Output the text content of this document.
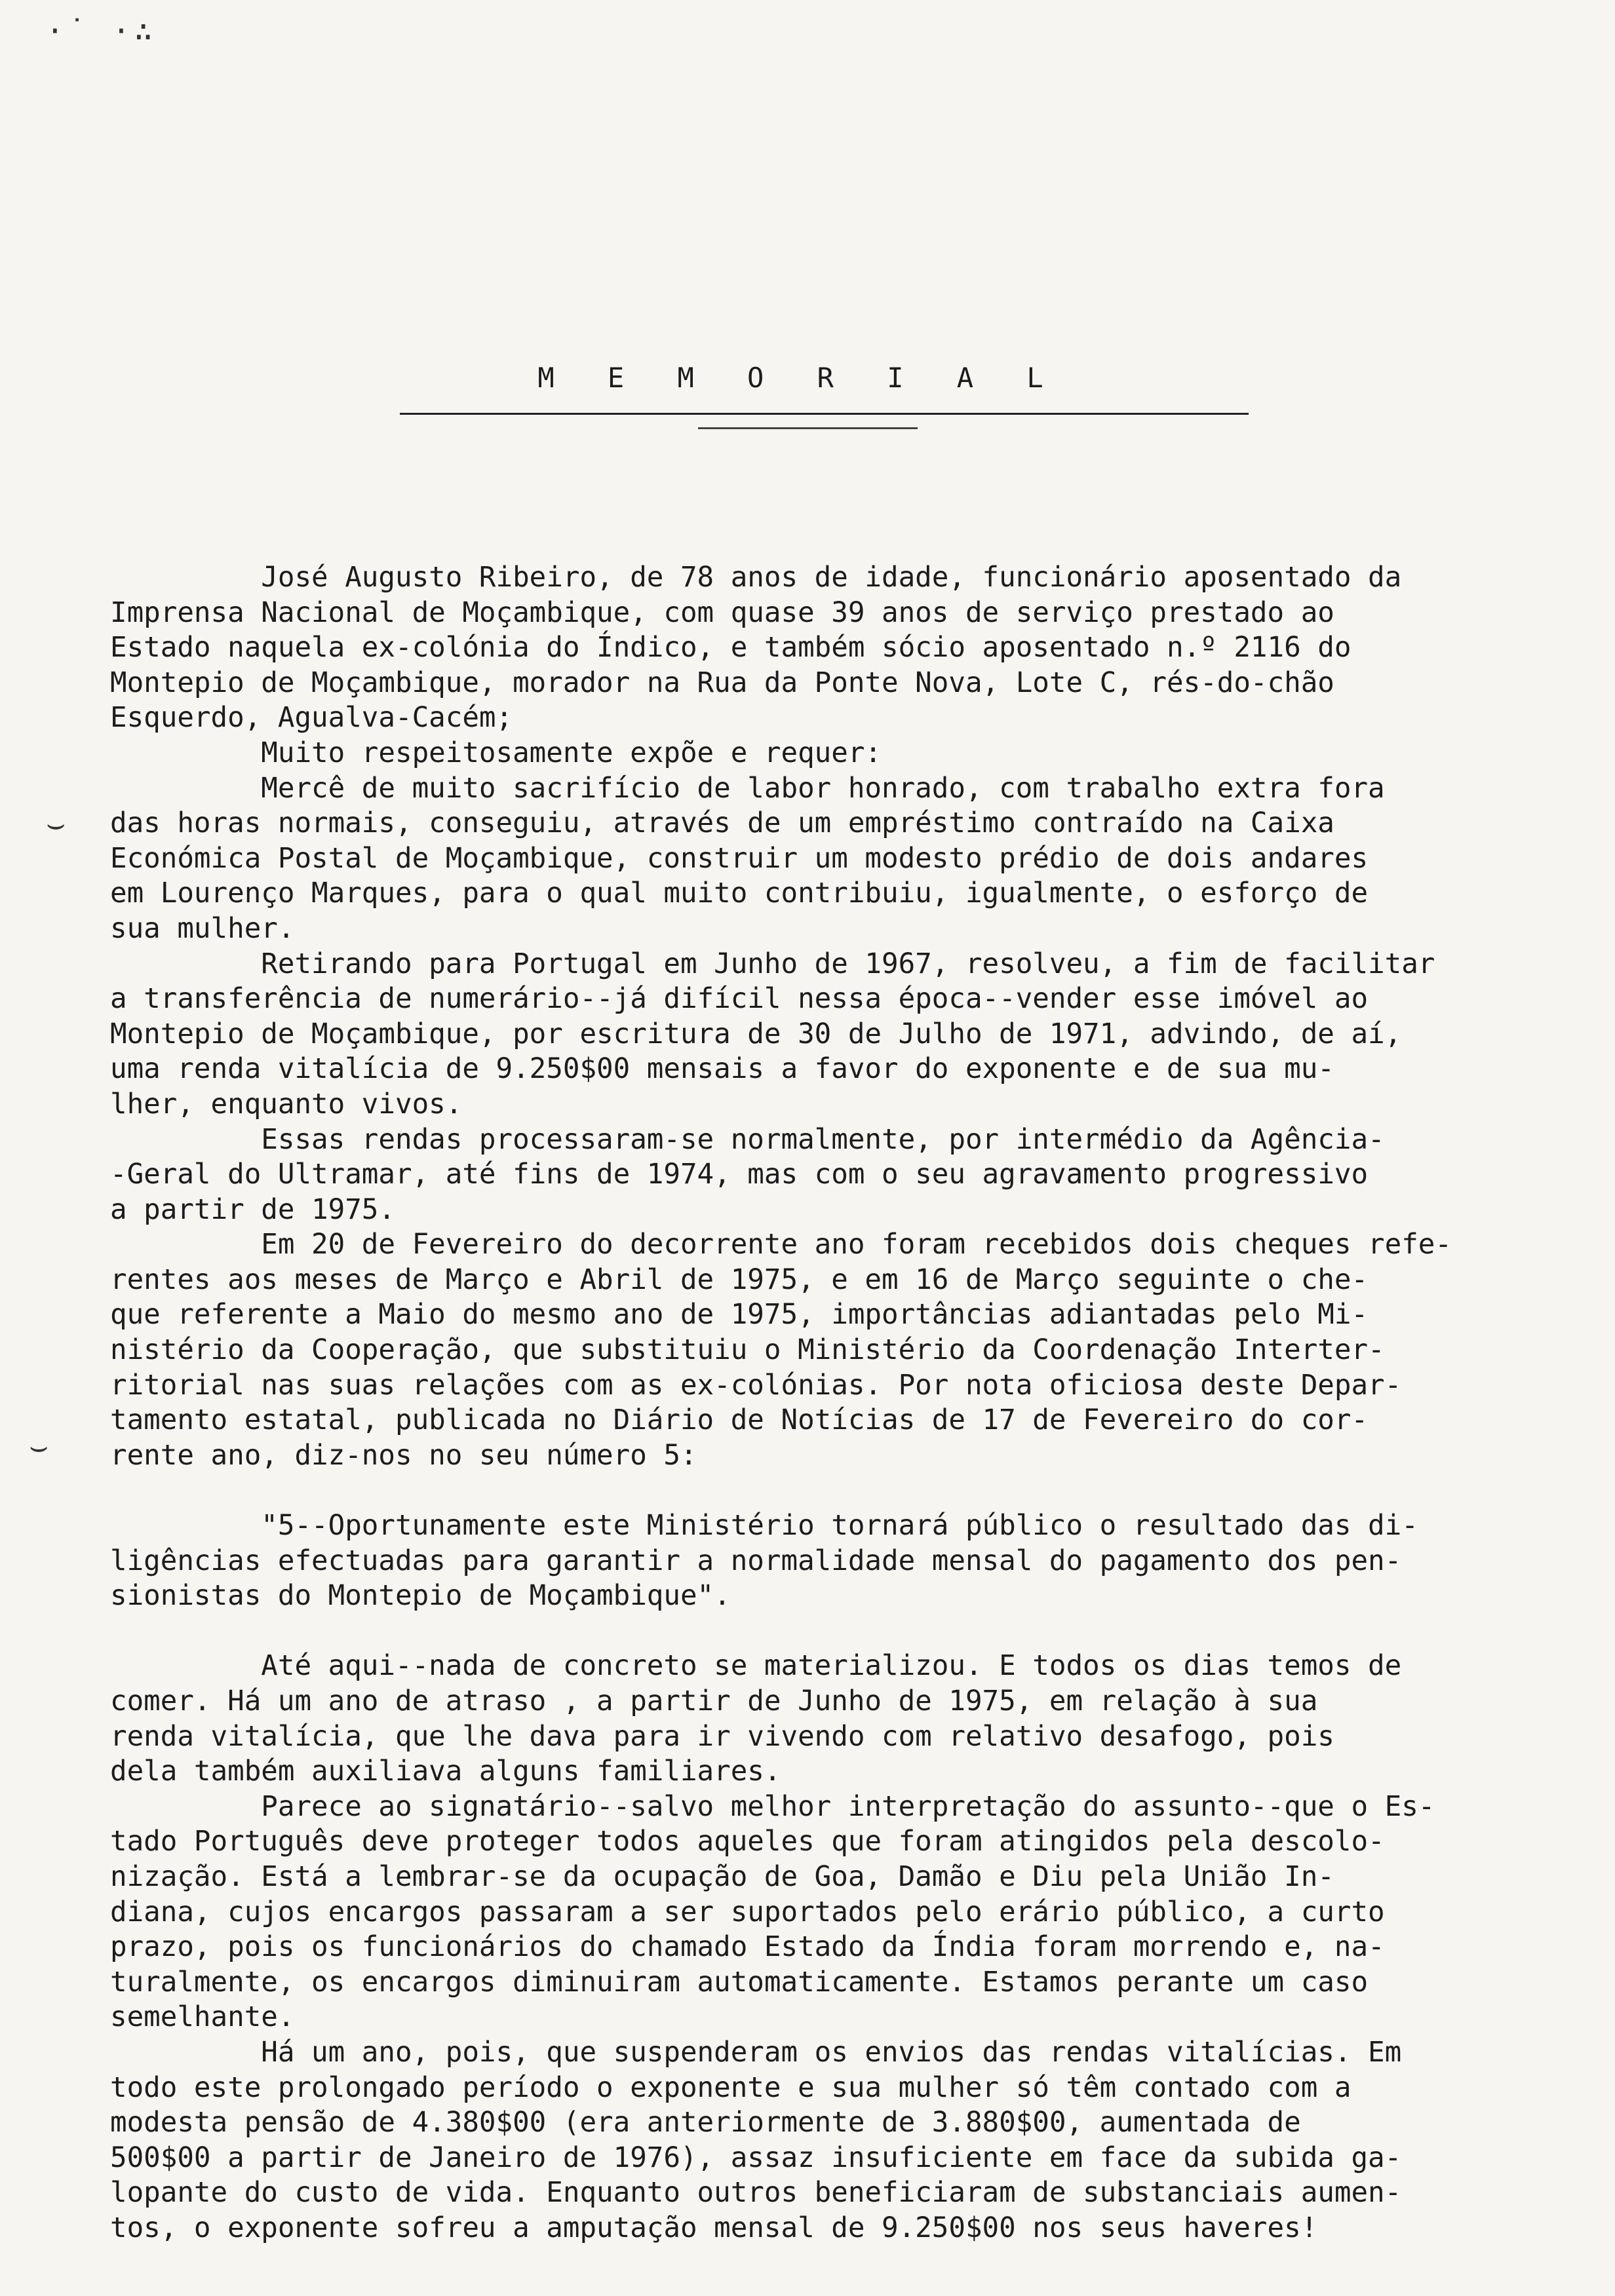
·˙ ·∴
M E M O R I A L
⌣
⌣
José Augusto Ribeiro, de 78 anos de idade, funcionário aposentado da
Imprensa Nacional de Moçambique, com quase 39 anos de serviço prestado ao
Estado naquela ex-colónia do Índico, e também sócio aposentado n.º 2116 do
Montepio de Moçambique, morador na Rua da Ponte Nova, Lote C, rés-do-chão
Esquerdo, Agualva-Cacém;
Muito respeitosamente expõe e requer:
Mercê de muito sacrifício de labor honrado, com trabalho extra fora
das horas normais, conseguiu, através de um empréstimo contraído na Caixa
Económica Postal de Moçambique, construir um modesto prédio de dois andares
em Lourenço Marques, para o qual muito contribuiu, igualmente, o esforço de
sua mulher.
Retirando para Portugal em Junho de 1967, resolveu, a fim de facilitar
a transferência de numerário--já difícil nessa época--vender esse imóvel ao
Montepio de Moçambique, por escritura de 30 de Julho de 1971, advindo, de aí,
uma renda vitalícia de 9.250$00 mensais a favor do exponente e de sua mu-
lher, enquanto vivos.
Essas rendas processaram-se normalmente, por intermédio da Agência-
-Geral do Ultramar, até fins de 1974, mas com o seu agravamento progressivo
a partir de 1975.
Em 20 de Fevereiro do decorrente ano foram recebidos dois cheques refe-
rentes aos meses de Março e Abril de 1975, e em 16 de Março seguinte o che-
que referente a Maio do mesmo ano de 1975, importâncias adiantadas pelo Mi-
nistério da Cooperação, que substituiu o Ministério da Coordenação Interter-
ritorial nas suas relações com as ex-colónias. Por nota oficiosa deste Depar-
tamento estatal, publicada no Diário de Notícias de 17 de Fevereiro do cor-
rente ano, diz-nos no seu número 5:

"5--Oportunamente este Ministério tornará público o resultado das di-
ligências efectuadas para garantir a normalidade mensal do pagamento dos pen-
sionistas do Montepio de Moçambique".

Até aqui--nada de concreto se materializou. E todos os dias temos de
comer. Há um ano de atraso , a partir de Junho de 1975, em relação à sua
renda vitalícia, que lhe dava para ir vivendo com relativo desafogo, pois
dela também auxiliava alguns familiares.
Parece ao signatário--salvo melhor interpretação do assunto--que o Es-
tado Português deve proteger todos aqueles que foram atingidos pela descolo-
nização. Está a lembrar-se da ocupação de Goa, Damão e Diu pela União In-
diana, cujos encargos passaram a ser suportados pelo erário público, a curto
prazo, pois os funcionários do chamado Estado da Índia foram morrendo e, na-
turalmente, os encargos diminuiram automaticamente. Estamos perante um caso
semelhante.
Há um ano, pois, que suspenderam os envios das rendas vitalícias. Em
todo este prolongado período o exponente e sua mulher só têm contado com a
modesta pensão de 4.380$00 (era anteriormente de 3.880$00, aumentada de
500$00 a partir de Janeiro de 1976), assaz insuficiente em face da subida ga-
lopante do custo de vida. Enquanto outros beneficiaram de substanciais aumen-
tos, o exponente sofreu a amputação mensal de 9.250$00 nos seus haveres!
